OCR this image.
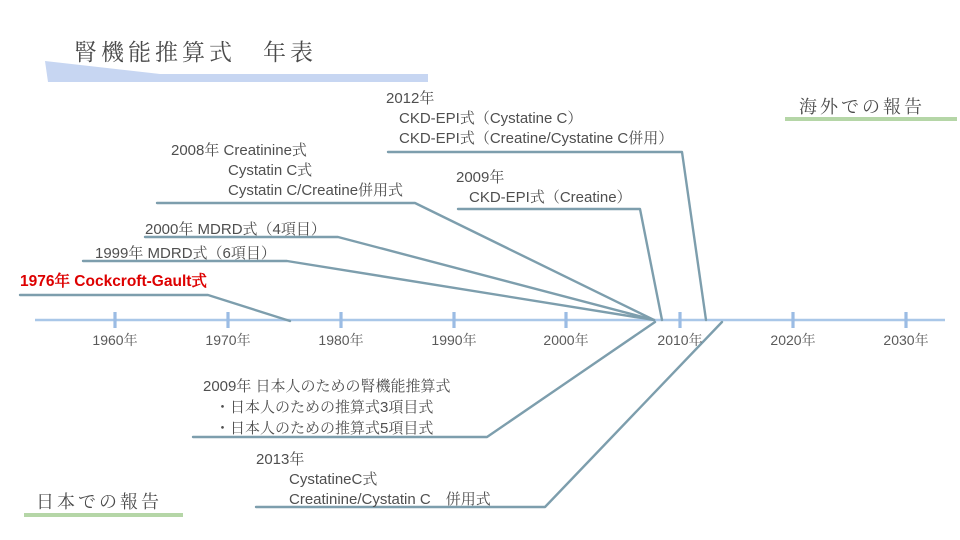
腎機能推算式　年表
海外での報告
日本での報告
1976年 Cockcroft-Gault式
1999年 MDRD式（6項目）
2000年 MDRD式（4項目）
2008年 Creatinine式
Cystatin C式
Cystatin C/Creatine併用式
2009年
CKD-EPI式（Creatine）
2012年
CKD-EPI式（Cystatine C）
CKD-EPI式（Creatine/Cystatine C併用）
2009年 日本人のための腎機能推算式
・日本人のための推算式3項目式
・日本人のための推算式5項目式
2013年
CystatineC式
Creatinine/Cystatin C　併用式
1960年	1970年	1980年	1990年	2000年	2010年	2020年	2030年
